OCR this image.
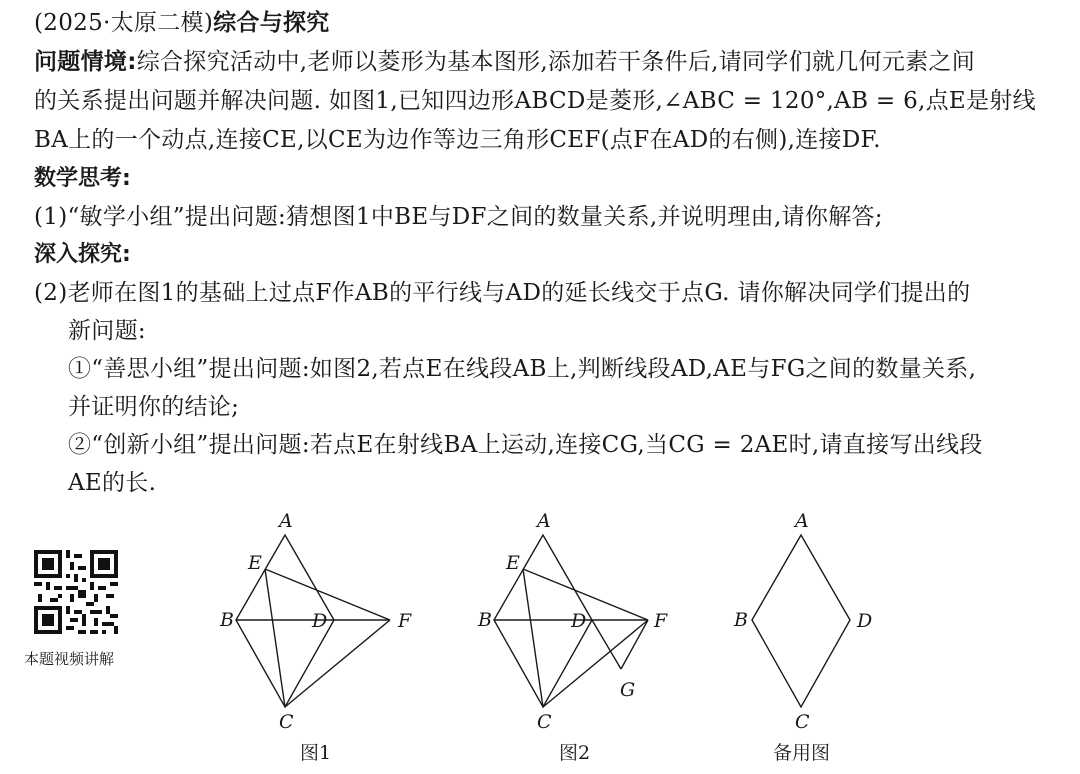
(2025·太原二模)综合与探究
问题情境:综合探究活动中,老师以菱形为基本图形,添加若干条件后,请同学们就几何元素之间
的关系提出问题并解决问题. 如图1,已知四边形ABCD是菱形,∠ABC = 120°,AB = 6,点E是射线
BA上的一个动点,连接CE,以CE为边作等边三角形CEF(点F在AD的右侧),连接DF.
数学思考:
(1)“敏学小组”提出问题:猜想图1中BE与DF之间的数量关系,并说明理由,请你解答;
深入探究:
(2)老师在图1的基础上过点F作AB的平行线与AD的延长线交于点G. 请你解决同学们提出的
新问题:
①“善思小组”提出问题:如图2,若点E在线段AB上,判断线段AD,AE与FG之间的数量关系,
并证明你的结论;
②“创新小组”提出问题:若点E在射线BA上运动,连接CG,当CG = 2AE时,请直接写出线段
AE的长.
本题视频讲解
A
E
B	D	F
C
图1
A
E
B	D	F
G
C
图2
A
B	D
C
备用图
